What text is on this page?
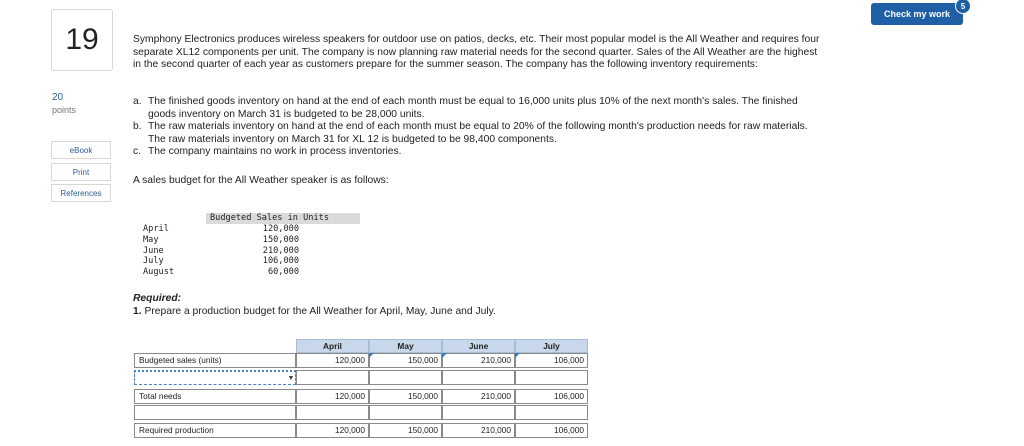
19
20
points
eBook
Print
References
Check my work
5
Symphony Electronics produces wireless speakers for outdoor use on patios, decks, etc. Their most popular model is the All Weather and requires four separate XL12 components per unit. The company is now planning raw material needs for the second quarter. Sales of the All Weather are the highest in the second quarter of each year as customers prepare for the summer season. The company has the following inventory requirements:
a. The finished goods inventory on hand at the end of each month must be equal to 16,000 units plus 10% of the next month's sales. The finished goods inventory on March 31 is budgeted to be 28,000 units.
b. The raw materials inventory on hand at the end of each month must be equal to 20% of the following month's production needs for raw materials. The raw materials inventory on March 31 for XL 12 is budgeted to be 98,400 components.
c. The company maintains no work in process inventories.
A sales budget for the All Weather speaker is as follows:
Budgeted Sales in Units
April	120,000
May	150,000
June	210,000
July	106,000
August	60,000
Required:
1. Prepare a production budget for the All Weather for April, May, June and July.
April	May	June	July
Budgeted sales (units)	120,000	150,000	210,000	106,000
▼
Total needs	120,000	150,000	210,000	106,000
Required production	120,000	150,000	210,000	106,000
